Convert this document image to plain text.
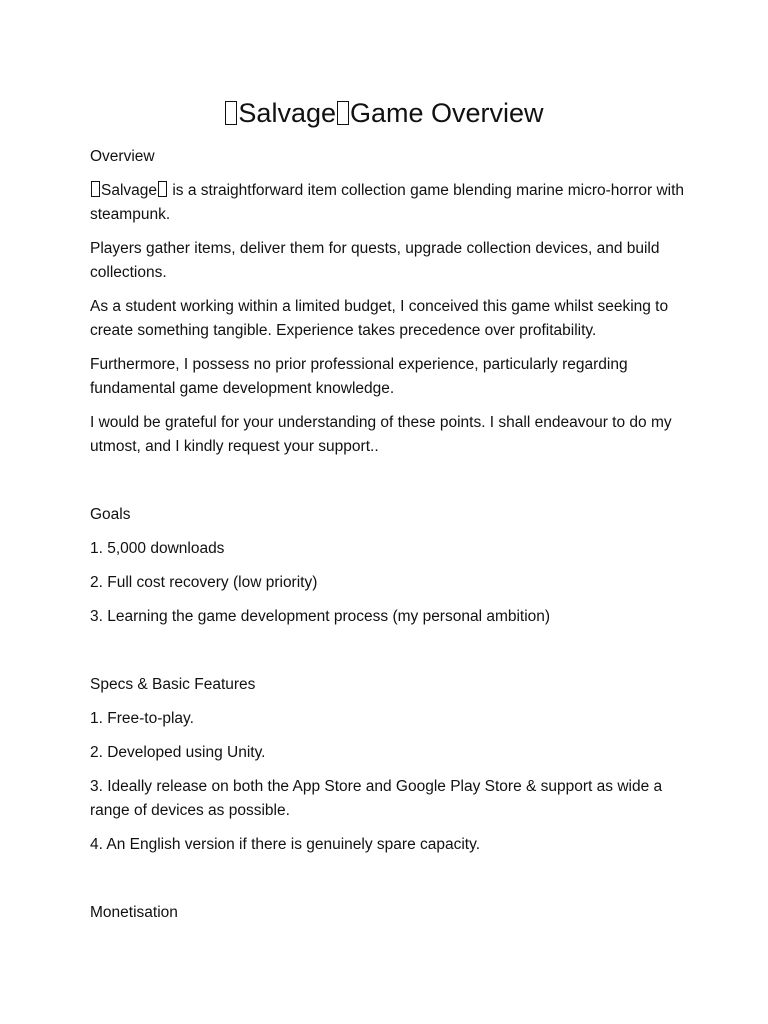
Salvage Game Overview

Overview

Salvage is a straightforward item collection game blending marine micro-horror with steampunk.

Players gather items, deliver them for quests, upgrade collection devices, and build collections.

As a student working within a limited budget, I conceived this game whilst seeking to create something tangible. Experience takes precedence over profitability.

Furthermore, I possess no prior professional experience, particularly regarding fundamental game development knowledge.

I would be grateful for your understanding of these points. I shall endeavour to do my utmost, and I kindly request your support..

Goals

1. 5,000 downloads

2. Full cost recovery (low priority)

3. Learning the game development process (my personal ambition)

Specs & Basic Features

1. Free-to-play.

2. Developed using Unity.

3. Ideally release on both the App Store and Google Play Store & support as wide a range of devices as possible.

4. An English version if there is genuinely spare capacity.

Monetisation
